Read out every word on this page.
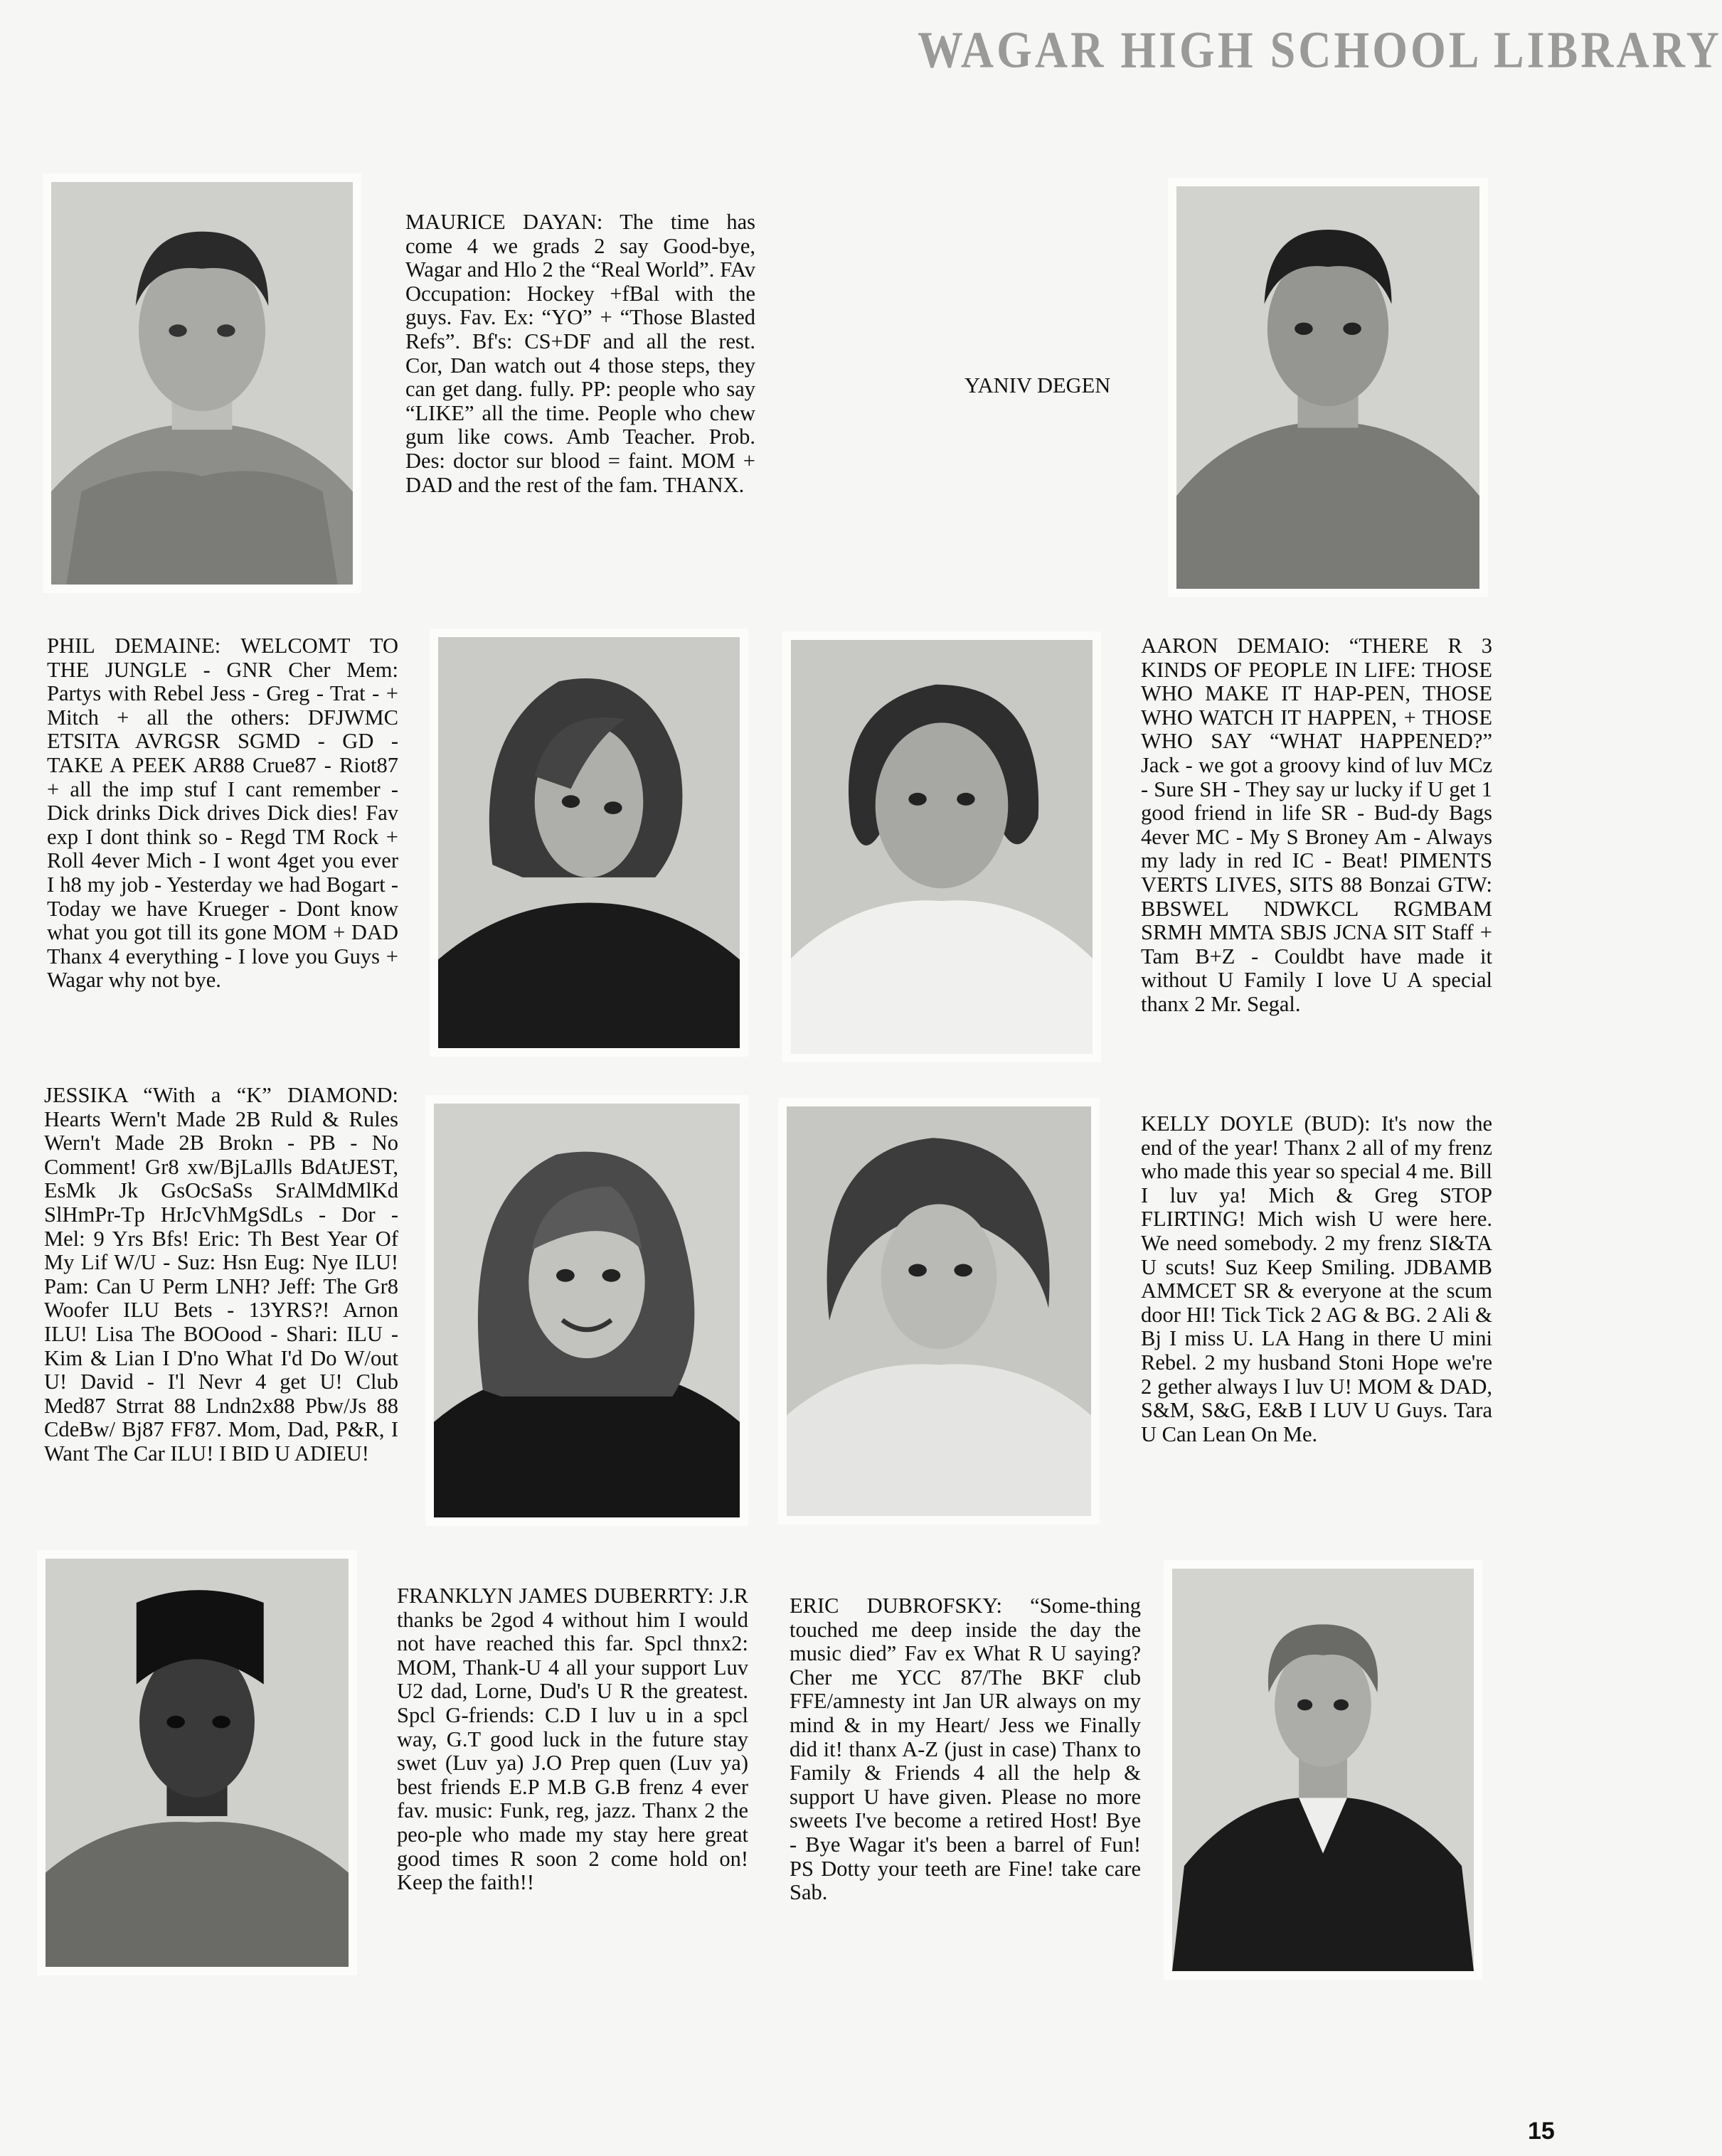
WAGAR HIGH SCHOOL LIBRARY
MAURICE DAYAN: The time has come 4 we grads 2 say Good-bye, Wagar and Hlo 2 the “Real World”. FAv Occupation: Hockey +fBal with the guys. Fav. Ex: “YO” + “Those Blasted Refs”. Bf's: CS+DF and all the rest. Cor, Dan watch out 4 those steps, they can get dang. fully. PP: people who say “LIKE” all the time. People who chew gum like cows. Amb Teacher. Prob. Des: doctor sur blood = faint. MOM + DAD and the rest of the fam. THANX.
YANIV DEGEN
PHIL DEMAINE: WELCOMT TO THE JUNGLE - GNR Cher Mem: Partys with Rebel Jess - Greg - Trat - + Mitch + all the others: DFJWMC ETSITA AVRGSR SGMD - GD - TAKE A PEEK AR88 Crue87 - Riot87 + all the imp stuf I cant remember - Dick drinks Dick drives Dick dies! Fav exp I dont think so - Regd TM Rock + Roll 4ever Mich - I wont 4get you ever I h8 my job - Yesterday we had Bogart - Today we have Krueger - Dont know what you got till its gone MOM + DAD Thanx 4 everything - I love you Guys + Wagar why not bye.
AARON DEMAIO: “THERE R 3 KINDS OF PEOPLE IN LIFE: THOSE WHO MAKE IT HAP-PEN, THOSE WHO WATCH IT HAPPEN, + THOSE WHO SAY “WHAT HAPPENED?” Jack - we got a groovy kind of luv MCz - Sure SH - They say ur lucky if U get 1 good friend in life SR - Bud-dy Bags 4ever MC - My S Broney Am - Always my lady in red IC - Beat! PIMENTS VERTS LIVES, SITS 88 Bonzai GTW: BBSWEL NDWKCL RGMBAM SRMH MMTA SBJS JCNA SIT Staff + Tam B+Z - Couldbt have made it without U Family I love U A special thanx 2 Mr. Segal.
JESSIKA “With a “K” DIAMOND: Hearts Wern't Made 2B Ruld & Rules Wern't Made 2B Brokn - PB - No Comment! Gr8 xw/BjLaJlls BdAtJEST, EsMk Jk GsOcSaSs SrAlMdMlKd SlHmPr-Tp HrJcVhMgSdLs - Dor - Mel: 9 Yrs Bfs! Eric: Th Best Year Of My Lif W/U - Suz: Hsn Eug: Nye ILU! Pam: Can U Perm LNH? Jeff: The Gr8 Woofer ILU Bets - 13YRS?! Arnon ILU! Lisa The BOOood - Shari: ILU - Kim & Lian I D'no What I'd Do W/out U! David - I'l Nevr 4 get U! Club Med87 Strrat 88 Lndn2x88 Pbw/Js 88 CdeBw/ Bj87 FF87. Mom, Dad, P&R, I Want The Car ILU! I BID U ADIEU!
KELLY DOYLE (BUD): It's now the end of the year! Thanx 2 all of my frenz who made this year so special 4 me. Bill I luv ya! Mich & Greg STOP FLIRTING! Mich wish U were here. We need somebody. 2 my frenz SI&TA U scuts! Suz Keep Smiling. JDBAMB AMMCET SR & everyone at the scum door HI! Tick Tick 2 AG & BG. 2 Ali & Bj I miss U. LA Hang in there U mini Rebel. 2 my husband Stoni Hope we're 2 gether always I luv U! MOM & DAD, S&M, S&G, E&B I LUV U Guys. Tara U Can Lean On Me.
FRANKLYN JAMES DUBERRTY: J.R thanks be 2god 4 without him I would not have reached this far. Spcl thnx2: MOM, Thank-U 4 all your support Luv U2 dad, Lorne, Dud's U R the greatest. Spcl G-friends: C.D I luv u in a spcl way, G.T good luck in the future stay swet (Luv ya) J.O Prep quen (Luv ya) best friends E.P M.B G.B frenz 4 ever fav. music: Funk, reg, jazz. Thanx 2 the peo-ple who made my stay here great good times R soon 2 come hold on! Keep the faith!!
ERIC DUBROFSKY: “Some-thing touched me deep inside the day the music died” Fav ex What R U saying? Cher me YCC 87/The BKF club FFE/amnesty int Jan UR always on my mind & in my Heart/ Jess we Finally did it! thanx A-Z (just in case) Thanx to Family & Friends 4 all the help & support U have given. Please no more sweets I've become a retired Host! Bye - Bye Wagar it's been a barrel of Fun! PS Dotty your teeth are Fine! take care Sab.
15
